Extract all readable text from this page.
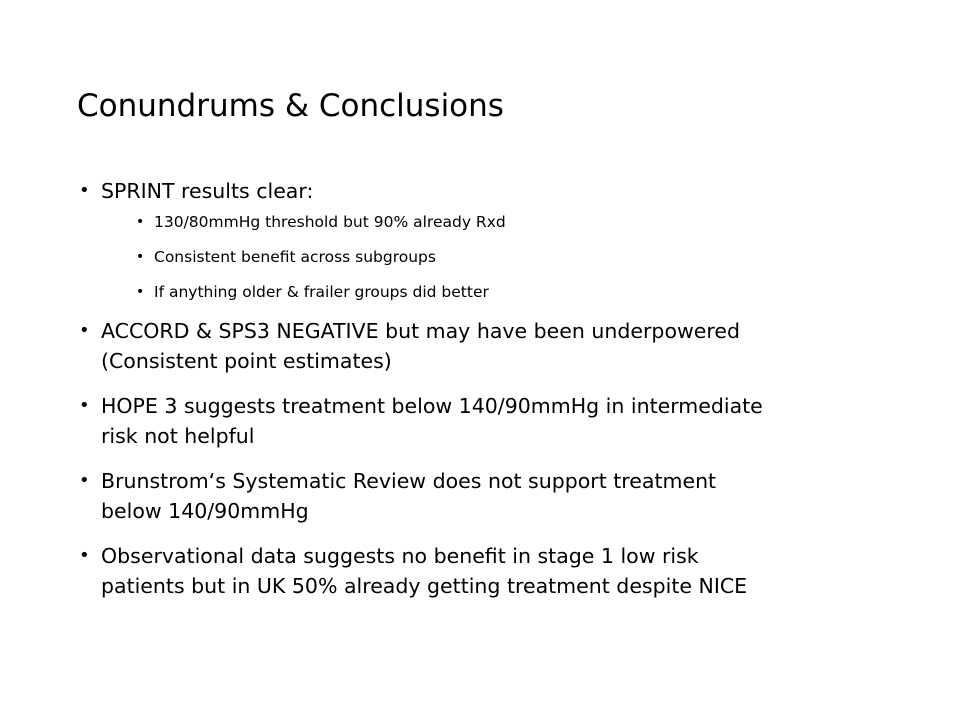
Conundrums & Conclusions
• SPRINT results clear:
• 130/80mmHg threshold but 90% already Rxd
• Consistent benefit across subgroups
• If anything older & frailer groups did better
• ACCORD & SPS3 NEGATIVE but may have been underpowered
(Consistent point estimates)
• HOPE 3 suggests treatment below 140/90mmHg in intermediate
risk not helpful
• Brunstrom‘s Systematic Review does not support treatment
below 140/90mmHg
• Observational data suggests no benefit in stage 1 low risk
patients but in UK 50% already getting treatment despite NICE
